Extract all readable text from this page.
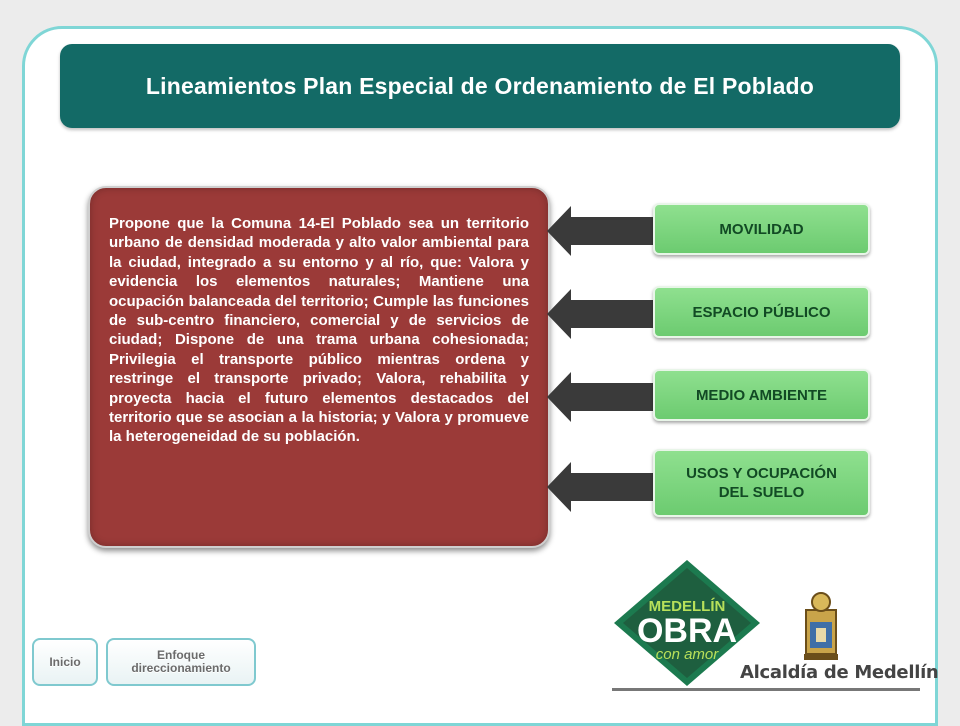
Lineamientos Plan Especial de Ordenamiento de El Poblado

Propone que la Comuna 14-El Poblado sea un territorio urbano de densidad moderada y alto valor ambiental para la ciudad, integrado a su entorno y al río, que: Valora y evidencia los elementos naturales; Mantiene una ocupación balanceada del territorio; Cumple las funciones de sub-centro financiero, comercial y de servicios de ciudad; Dispone de una trama urbana cohesionada; Privilegia el transporte público mientras ordena y restringe el transporte privado; Valora, rehabilita y proyecta hacia el futuro elementos destacados del territorio que se asocian a la historia; y Valora y promueve la heterogeneidad de su población.

MOVILIDAD
ESPACIO PÚBLICO
MEDIO AMBIENTE
USOS Y OCUPACIÓN DEL SUELO
Inicio	Enfoque direccionamiento
MEDELLÍN
OBRA
con amor
Alcaldía de Medellín
